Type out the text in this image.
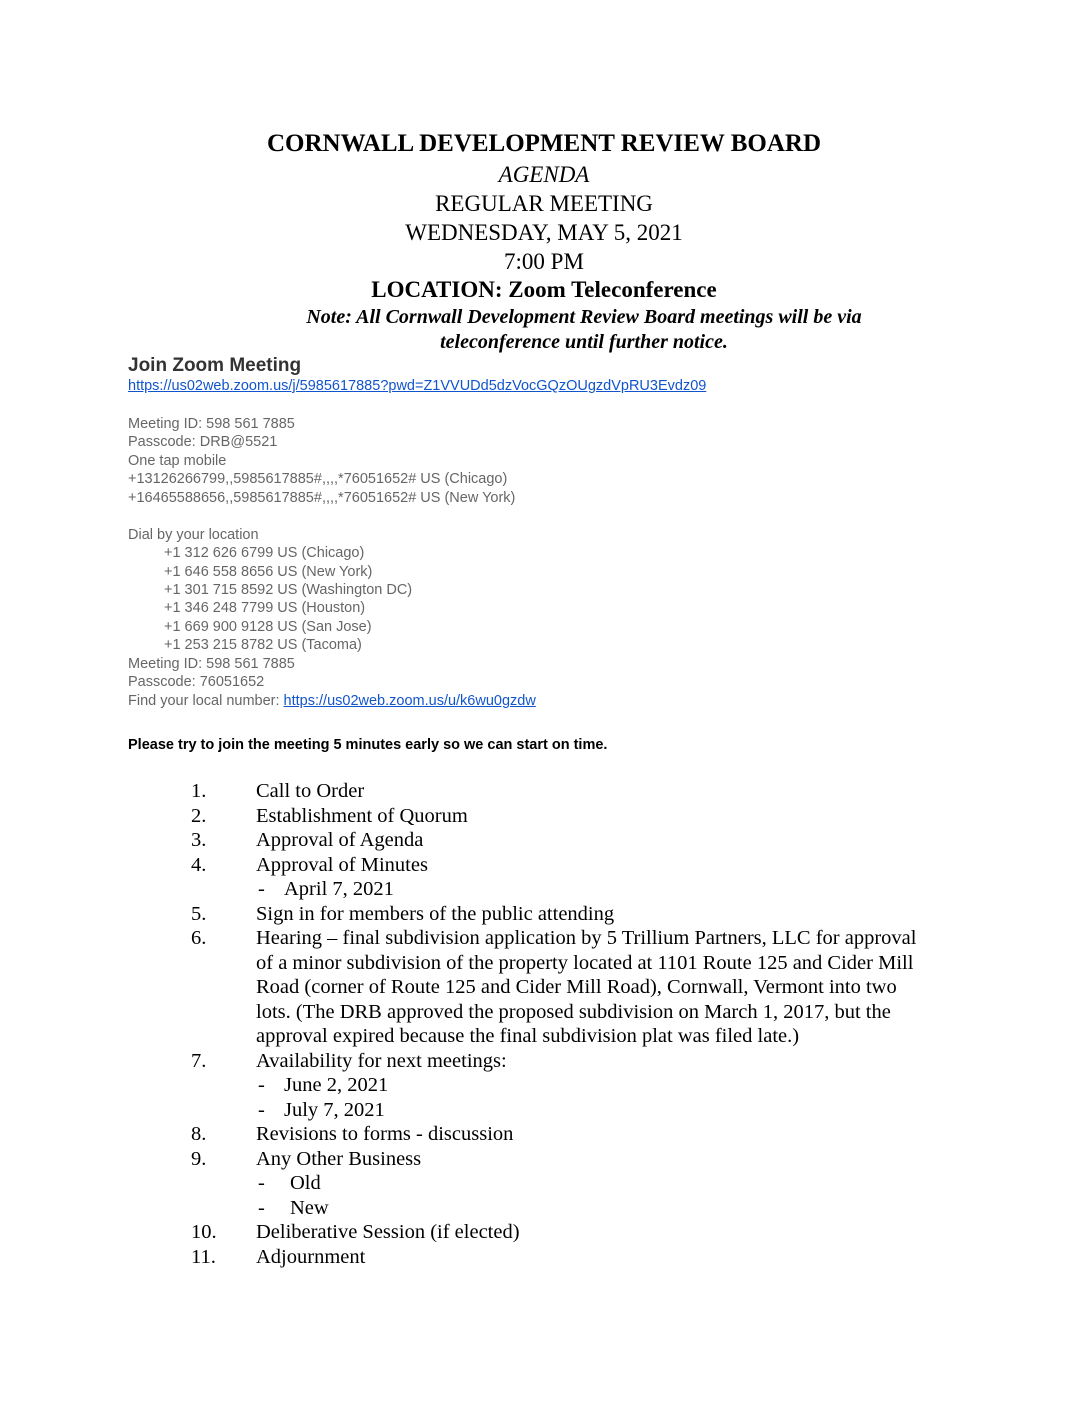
CORNWALL DEVELOPMENT REVIEW BOARD
AGENDA
REGULAR MEETING
WEDNESDAY, MAY 5, 2021
7:00 PM
LOCATION: Zoom Teleconference
Note: All Cornwall Development Review Board meetings will be via
teleconference until further notice.
Join Zoom Meeting
https://us02web.zoom.us/j/5985617885?pwd=Z1VVUDd5dzVocGQzOUgzdVpRU3Evdz09
Meeting ID: 598 561 7885
Passcode: DRB@5521
One tap mobile
+13126266799,,5985617885#,,,,*76051652# US (Chicago)
+16465588656,,5985617885#,,,,*76051652# US (New York)
Dial by your location
+1 312 626 6799 US (Chicago)
+1 646 558 8656 US (New York)
+1 301 715 8592 US (Washington DC)
+1 346 248 7799 US (Houston)
+1 669 900 9128 US (San Jose)
+1 253 215 8782 US (Tacoma)
Meeting ID: 598 561 7885
Passcode: 76051652
Find your local number: https://us02web.zoom.us/u/k6wu0gzdw
Please try to join the meeting 5 minutes early so we can start on time.
1. Call to Order
2. Establishment of Quorum
3. Approval of Agenda
4. Approval of Minutes
- April 7, 2021
5. Sign in for members of the public attending
6. Hearing – final subdivision application by 5 Trillium Partners, LLC for approval
of a minor subdivision of the property located at 1101 Route 125 and Cider Mill
Road (corner of Route 125 and Cider Mill Road), Cornwall, Vermont into two
lots. (The DRB approved the proposed subdivision on March 1, 2017, but the
approval expired because the final subdivision plat was filed late.)
7. Availability for next meetings:
- June 2, 2021
- July 7, 2021
8. Revisions to forms - discussion
9. Any Other Business
- Old
- New
10. Deliberative Session (if elected)
11. Adjournment
